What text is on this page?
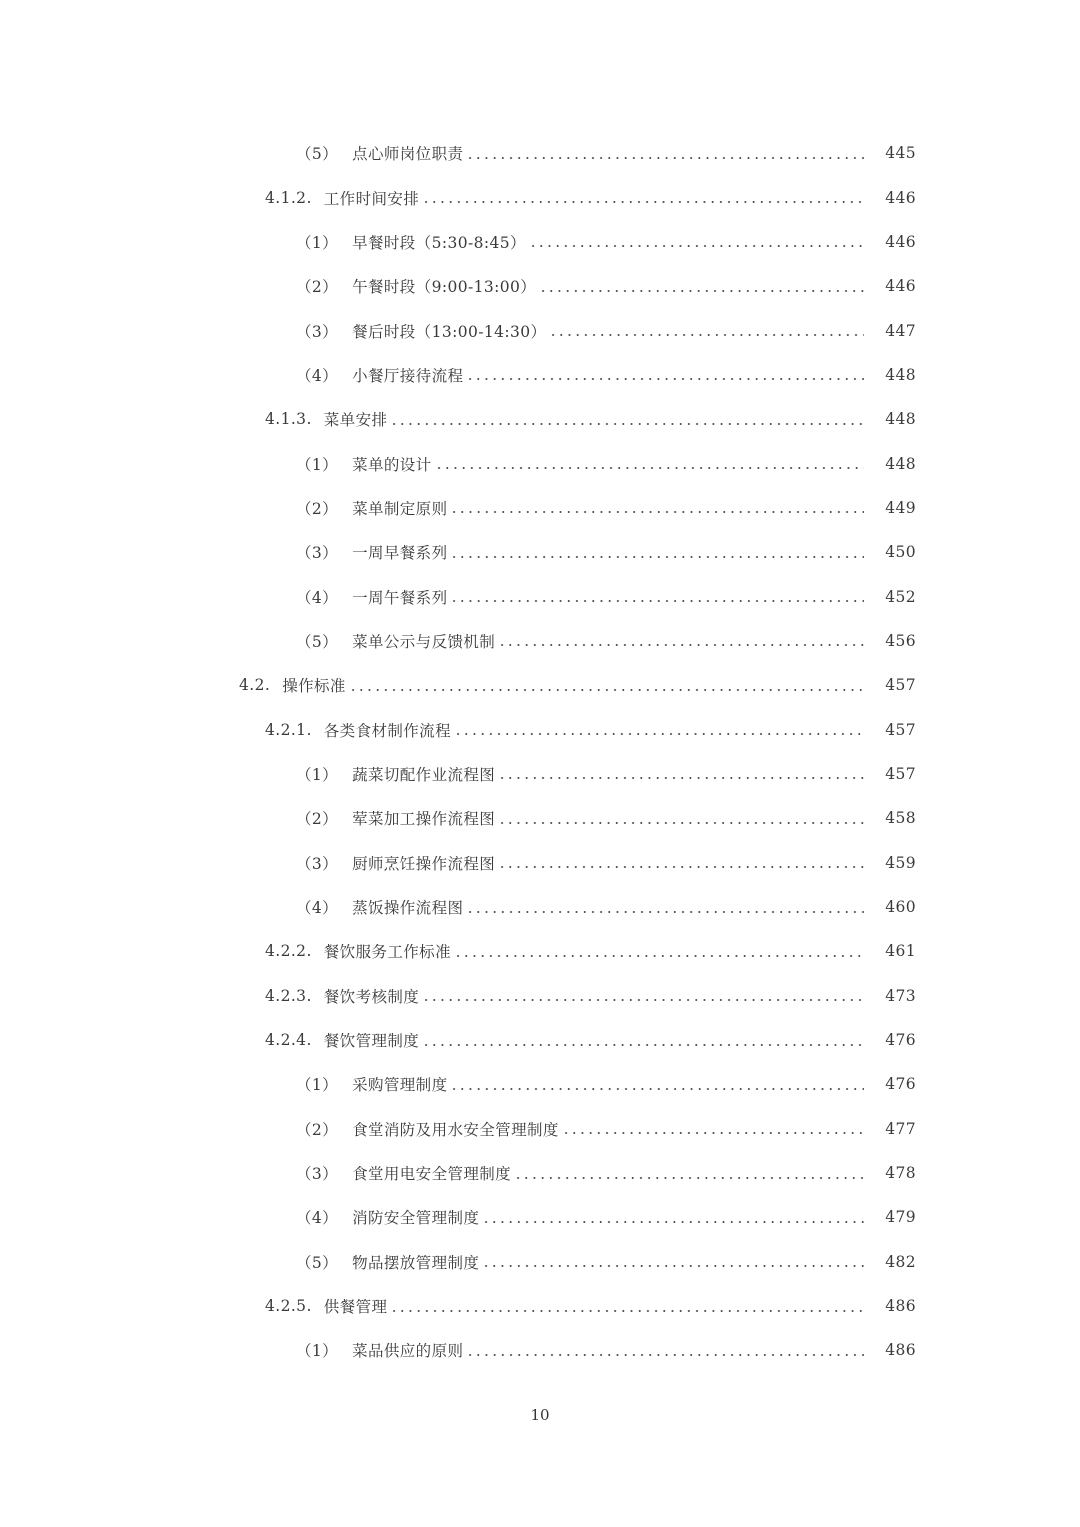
（5） 点心师岗位职责	445
4.1.2. 工作时间安排	446
（1） 早餐时段（5:30-8:45）	446
（2） 午餐时段（9:00-13:00）	446
（3） 餐后时段（13:00-14:30）	447
（4） 小餐厅接待流程	448
4.1.3. 菜单安排	448
（1） 菜单的设计	448
（2） 菜单制定原则	449
（3） 一周早餐系列	450
（4） 一周午餐系列	452
（5） 菜单公示与反馈机制	456
4.2. 操作标准	457
4.2.1. 各类食材制作流程	457
（1） 蔬菜切配作业流程图	457
（2） 荤菜加工操作流程图	458
（3） 厨师烹饪操作流程图	459
（4） 蒸饭操作流程图	460
4.2.2. 餐饮服务工作标准	461
4.2.3. 餐饮考核制度	473
4.2.4. 餐饮管理制度	476
（1） 采购管理制度	476
（2） 食堂消防及用水安全管理制度	477
（3） 食堂用电安全管理制度	478
（4） 消防安全管理制度	479
（5） 物品摆放管理制度	482
4.2.5. 供餐管理	486
（1） 菜品供应的原则	486
10
